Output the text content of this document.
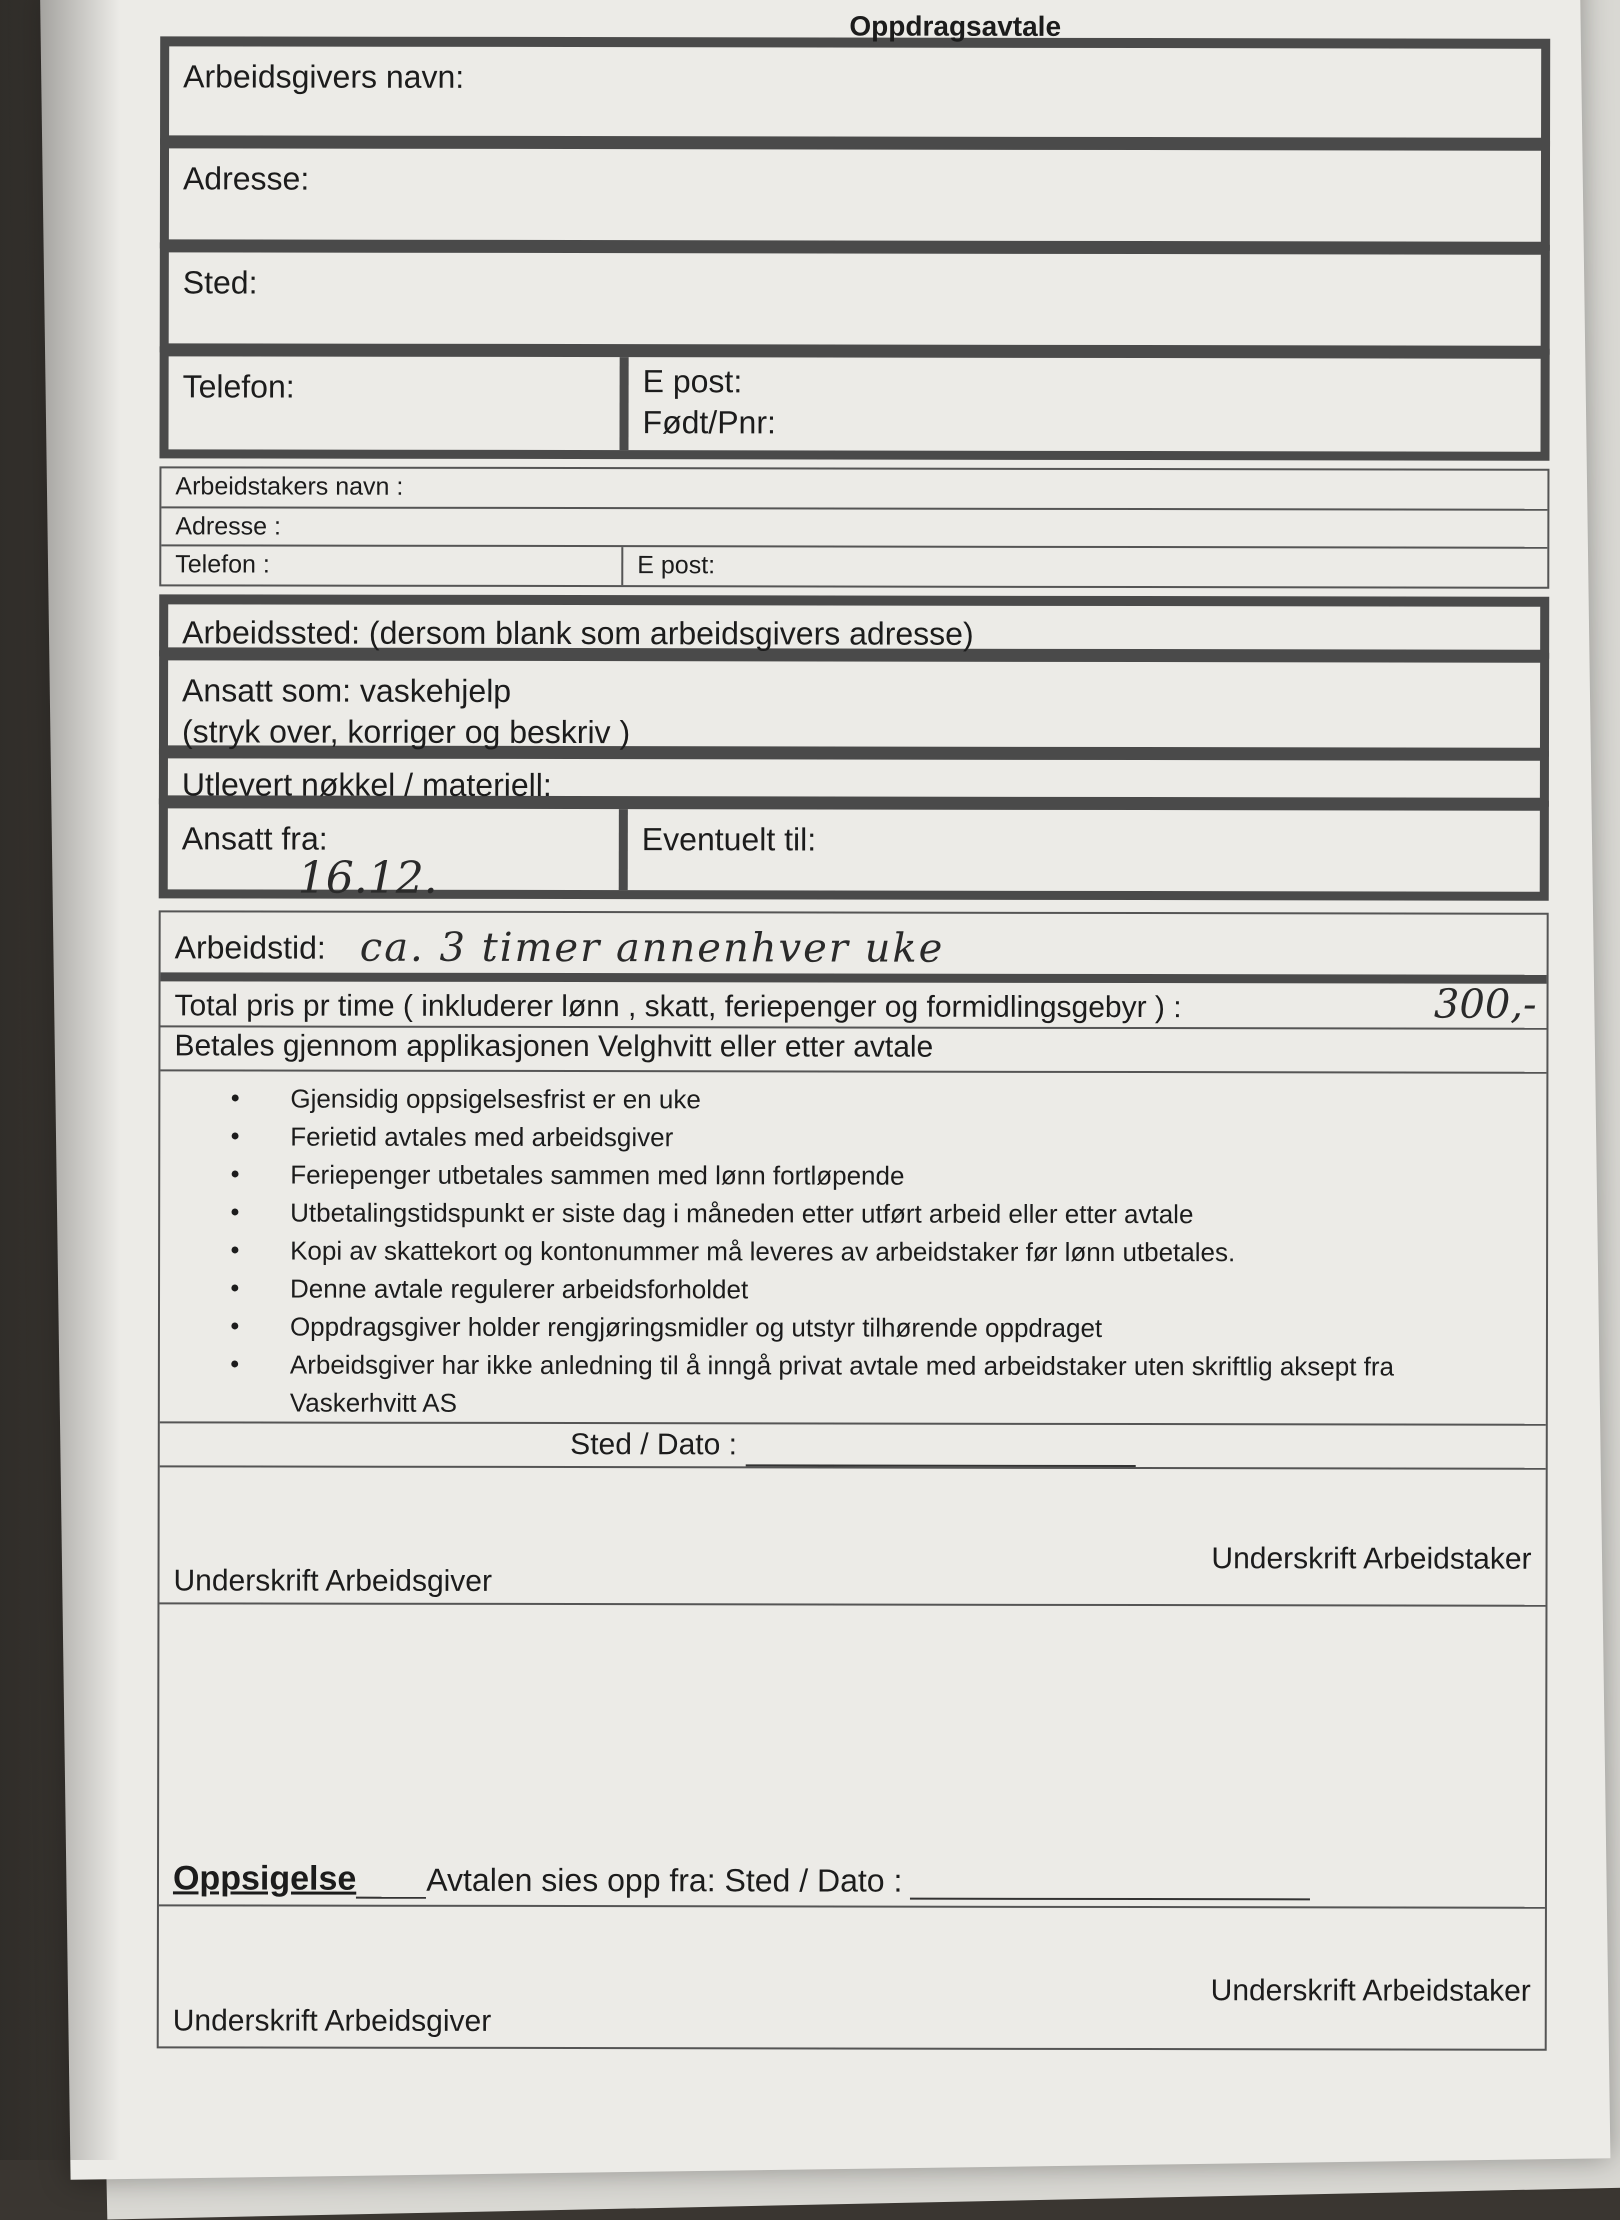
Oppdragsavtale
Arbeidsgivers navn:
Adresse:
Sted:
Telefon:	E post:
Født/Pnr:
Arbeidstakers navn :
Adresse :
Telefon :	E post:
Arbeidssted: (dersom blank som arbeidsgivers adresse)
Ansatt som: vaskehjelp
(stryk over, korriger og beskriv )
Utlevert nøkkel / materiell:
Ansatt fra:
16.12.
Eventuelt til:
Arbeidstid: ca. 3 timer annenhver uke
Total pris pr time ( inkluderer lønn , skatt, feriepenger og formidlingsgebyr ) :	300,-
Betales gjennom applikasjonen Velghvitt eller etter avtale
● Gjensidig oppsigelsesfrist er en uke
● Ferietid avtales med arbeidsgiver
● Feriepenger utbetales sammen med lønn fortløpende
● Utbetalingstidspunkt er siste dag i måneden etter utført arbeid eller etter avtale
● Kopi av skattekort og kontonummer må leveres av arbeidstaker før lønn utbetales.
● Denne avtale regulerer arbeidsforholdet
● Oppdragsgiver holder rengjøringsmidler og utstyr tilhørende oppdraget
● Arbeidsgiver har ikke anledning til å inngå privat avtale med arbeidstaker uten skriftlig aksept fra Vaskerhvitt AS
Sted / Dato :
Underskrift Arbeidsgiver
Underskrift Arbeidstaker
Oppsigelse Avtalen sies opp fra: Sted / Dato :
Underskrift Arbeidsgiver
Underskrift Arbeidstaker
